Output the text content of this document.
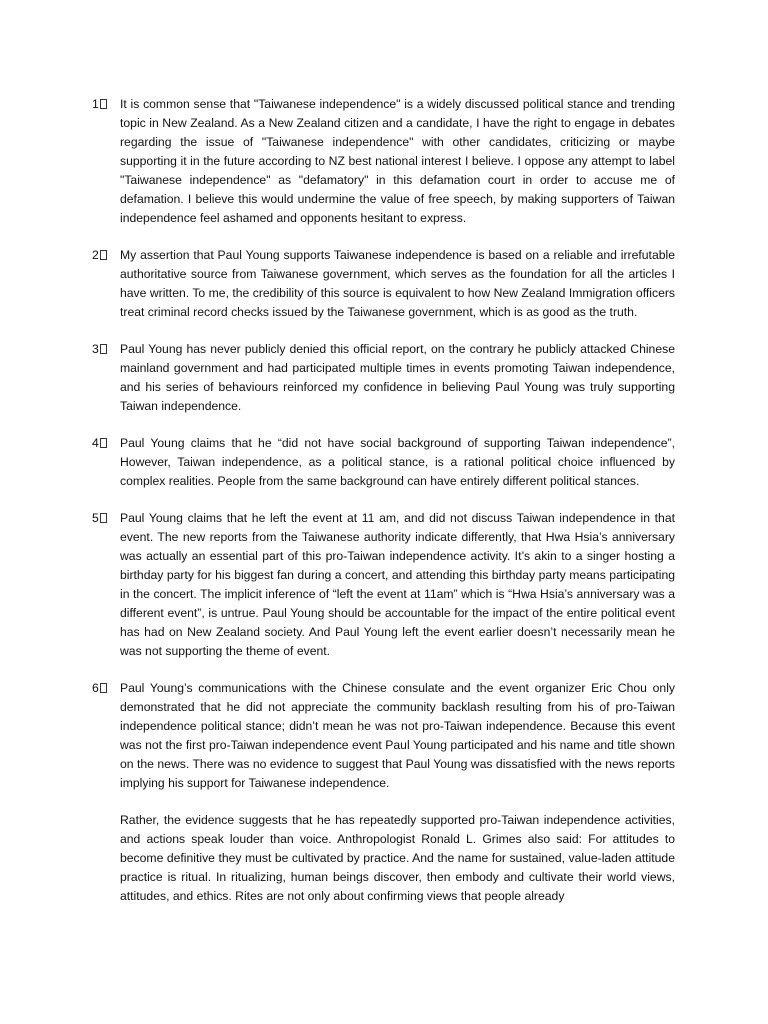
1	It is common sense that "Taiwanese independence" is a widely discussed political stance and trending topic in New Zealand. As a New Zealand citizen and a candidate, I have the right to engage in debates regarding the issue of "Taiwanese independence" with other candidates, criticizing or maybe supporting it in the future according to NZ best national interest I believe. I oppose any attempt to label "Taiwanese independence" as "defamatory" in this defamation court in order to accuse me of defamation. I believe this would undermine the value of free speech, by making supporters of Taiwan independence feel ashamed and opponents hesitant to express.
2	My assertion that Paul Young supports Taiwanese independence is based on a reliable and irrefutable authoritative source from Taiwanese government, which serves as the foundation for all the articles I have written. To me, the credibility of this source is equivalent to how New Zealand Immigration officers treat criminal record checks issued by the Taiwanese government, which is as good as the truth.
3	Paul Young has never publicly denied this official report, on the contrary he publicly attacked Chinese mainland government and had participated multiple times in events promoting Taiwan independence, and his series of behaviours reinforced my confidence in believing Paul Young was truly supporting Taiwan independence.
4	Paul Young claims that he “did not have social background of supporting Taiwan independence”, However, Taiwan independence, as a political stance, is a rational political choice influenced by complex realities. People from the same background can have entirely different political stances.
5	Paul Young claims that he left the event at 11 am, and did not discuss Taiwan independence in that event. The new reports from the Taiwanese authority indicate differently, that Hwa Hsia’s anniversary was actually an essential part of this pro-Taiwan independence activity. It’s akin to a singer hosting a birthday party for his biggest fan during a concert, and attending this birthday party means participating in the concert. The implicit inference of “left the event at 11am” which is “Hwa Hsia’s anniversary was a different event”, is untrue. Paul Young should be accountable for the impact of the entire political event has had on New Zealand society. And Paul Young left the event earlier doesn’t necessarily mean he was not supporting the theme of event.
6	Paul Young’s communications with the Chinese consulate and the event organizer Eric Chou only demonstrated that he did not appreciate the community backlash resulting from his of pro-Taiwan independence political stance; didn’t mean he was not pro-Taiwan independence. Because this event was not the first pro-Taiwan independence event Paul Young participated and his name and title shown on the news. There was no evidence to suggest that Paul Young was dissatisfied with the news reports implying his support for Taiwanese independence.
Rather, the evidence suggests that he has repeatedly supported pro-Taiwan independence activities, and actions speak louder than voice. Anthropologist Ronald L. Grimes also said: For attitudes to become definitive they must be cultivated by practice. And the name for sustained, value-laden attitude practice is ritual. In ritualizing, human beings discover, then embody and cultivate their world views, attitudes, and ethics. Rites are not only about confirming views that people already
